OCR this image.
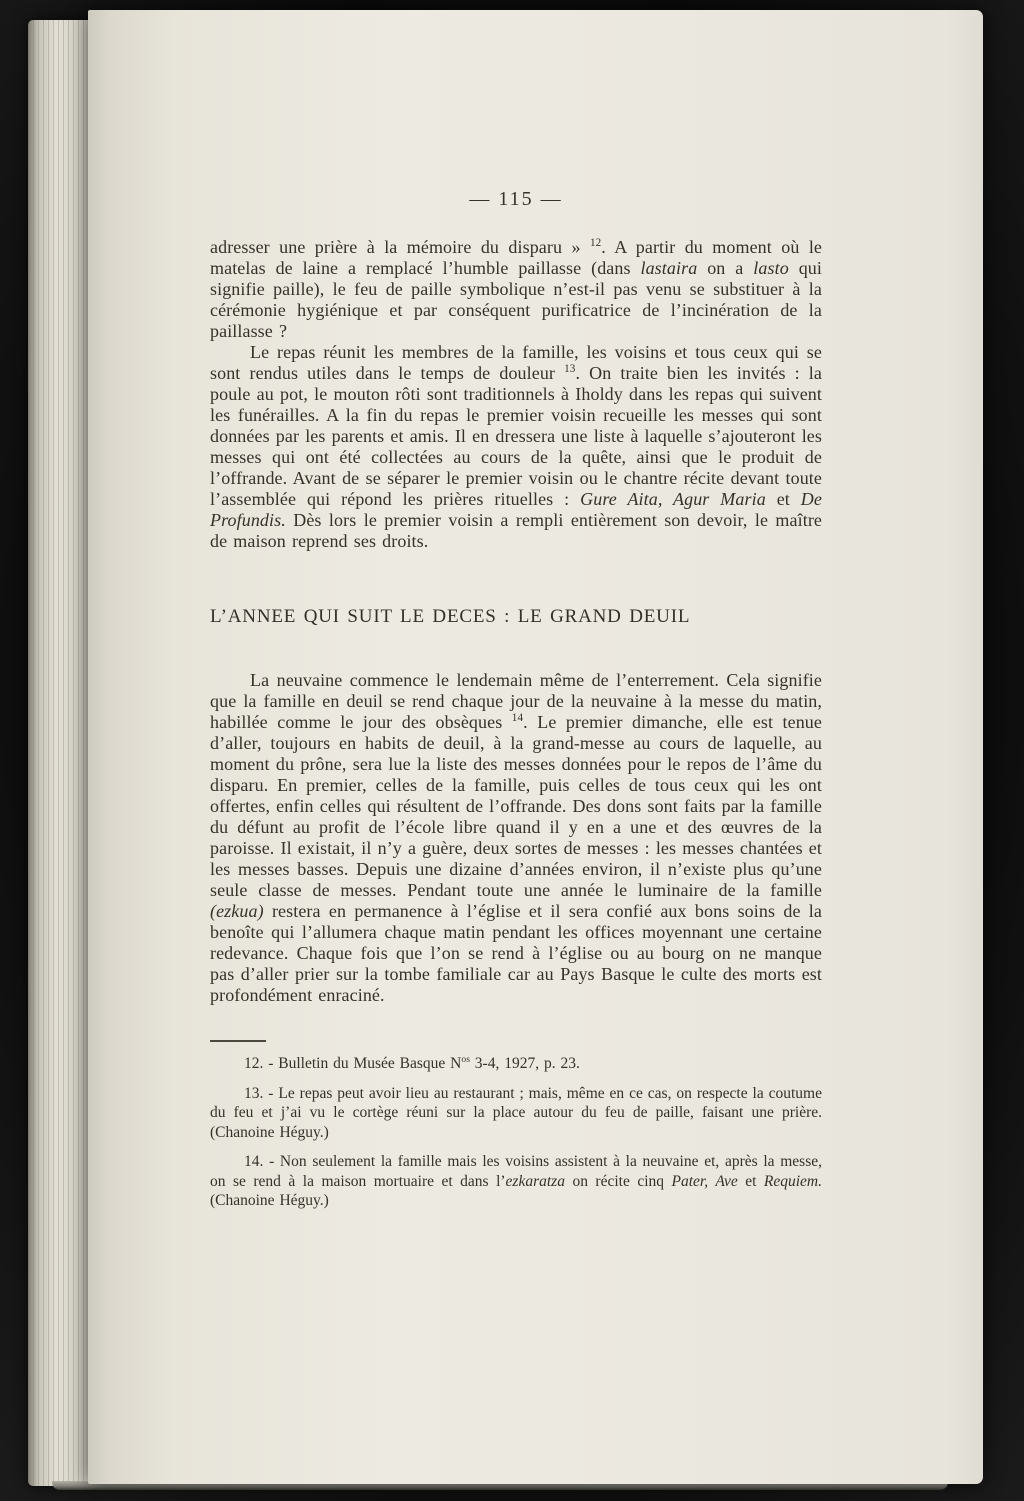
— 115 —

adresser une prière à la mémoire du disparu » $^{12}$. A partir du moment où le matelas de laine a remplacé l’humble paillasse (dans lastaira on a lasto qui signifie paille), le feu de paille symbolique n’est-il pas venu se substituer à la cérémonie hygiénique et par conséquent purificatrice de l’incinération de la paillasse ?

Le repas réunit les membres de la famille, les voisins et tous ceux qui se sont rendus utiles dans le temps de douleur $^{13}$. On traite bien les invités : la poule au pot, le mouton rôti sont traditionnels à Iholdy dans les repas qui suivent les funérailles. A la fin du repas le premier voisin recueille les messes qui sont données par les parents et amis. Il en dressera une liste à laquelle s’ajouteront les messes qui ont été collectées au cours de la quête, ainsi que le produit de l’offrande. Avant de se séparer le premier voisin ou le chantre récite devant toute l’assemblée qui répond les prières rituelles : Gure Aita, Agur Maria et De Profundis. Dès lors le premier voisin a rempli entièrement son devoir, le maître de maison reprend ses droits.

L’ANNEE QUI SUIT LE DECES : LE GRAND DEUIL

La neuvaine commence le lendemain même de l’enterrement. Cela signifie que la famille en deuil se rend chaque jour de la neuvaine à la messe du matin, habillée comme le jour des obsèques $^{14}$. Le premier dimanche, elle est tenue d’aller, toujours en habits de deuil, à la grand-messe au cours de laquelle, au moment du prône, sera lue la liste des messes données pour le repos de l’âme du disparu. En premier, celles de la famille, puis celles de tous ceux qui les ont offertes, enfin celles qui résultent de l’offrande. Des dons sont faits par la famille du défunt au profit de l’école libre quand il y en a une et des œuvres de la paroisse. Il existait, il n’y a guère, deux sortes de messes : les messes chantées et les messes basses. Depuis une dizaine d’années environ, il n’existe plus qu’une seule classe de messes. Pendant toute une année le luminaire de la famille (ezkua) restera en permanence à l’église et il sera confié aux bons soins de la benoîte qui l’allumera chaque matin pendant les offices moyennant une certaine redevance. Chaque fois que l’on se rend à l’église ou au bourg on ne manque pas d’aller prier sur la tombe familiale car au Pays Basque le culte des morts est profondément enraciné.

12. - Bulletin du Musée Basque $N^{os}$ 3-4, 1927, p. 23.

13. - Le repas peut avoir lieu au restaurant ; mais, même en ce cas, on respecte la coutume du feu et j’ai vu le cortège réuni sur la place autour du feu de paille, faisant une prière. (Chanoine Héguy.)

14. - Non seulement la famille mais les voisins assistent à la neuvaine et, après la messe, on se rend à la maison mortuaire et dans l’ezkaratza on récite cinq Pater, Ave et Requiem. (Chanoine Héguy.)
